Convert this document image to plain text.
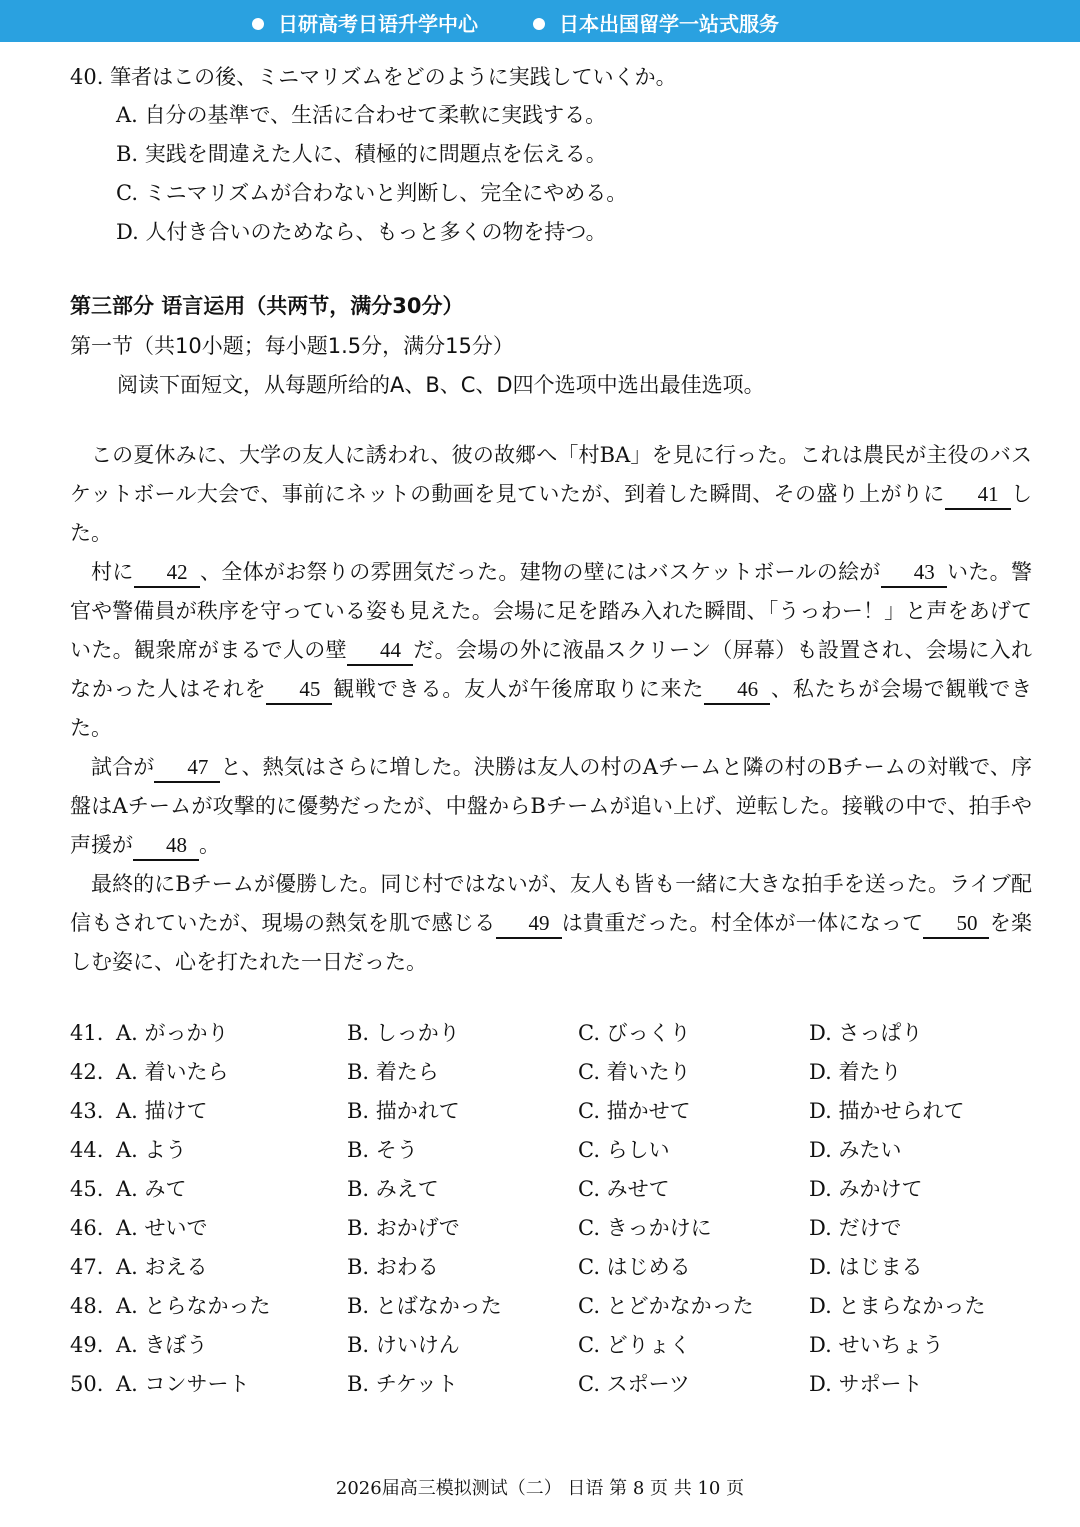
日研高考日语升学中心	日本出国留学一站式服务
40. 筆者はこの後、ミニマリズムをどのように実践していくか。
A. 自分の基準で、生活に合わせて柔軟に実践する。
B. 実践を間違えた人に、積極的に問題点を伝える。
C. ミニマリズムが合わないと判断し、完全にやめる。
D. 人付き合いのためなら、もっと多くの物を持つ。
第三部分 语言运用（共两节，满分30分）
第一节（共10小题；每小题1.5分，满分15分）
阅读下面短文，从每题所给的A、B、C、D四个选项中选出最佳选项。

この夏休みに、大学の友人に誘われ、彼の故郷へ「村BA」を見に行った。これは農民が主役のバスケットボール大会で、事前にネットの動画を見ていたが、到着した瞬間、その盛り上がりに 41 した。

村に 42 、全体がお祭りの雰囲気だった。建物の壁にはバスケットボールの絵が 43 いた。警官や警備員が秩序を守っている姿も見えた。会場に足を踏み入れた瞬間、「うっわー！」と声をあげていた。観衆席がまるで人の壁 44 だ。会場の外に液晶スクリーン（屏幕）も設置され、会場に入れなかった人はそれを 45 観戦できる。友人が午後席取りに来た 46 、私たちが会場で観戦できた。

試合が 47 と、熱気はさらに増した。決勝は友人の村のAチームと隣の村のBチームの対戦で、序盤はAチームが攻撃的に優勢だったが、中盤からBチームが追い上げ、逆転した。接戦の中で、拍手や声援が 48 。

最終的にBチームが優勝した。同じ村ではないが、友人も皆も一緒に大きな拍手を送った。ライブ配信もされていたが、現場の熱気を肌で感じる 49 は貴重だった。村全体が一体になって 50 を楽しむ姿に、心を打たれた一日だった。

41. A. がっかり	B. しっかり	C. びっくり	D. さっぱり
42. A. 着いたら	B. 着たら	C. 着いたり	D. 着たり
43. A. 描けて	B. 描かれて	C. 描かせて	D. 描かせられて
44. A. よう	B. そう	C. らしい	D. みたい
45. A. みて	B. みえて	C. みせて	D. みかけて
46. A. せいで	B. おかげで	C. きっかけに	D. だけで
47. A. おえる	B. おわる	C. はじめる	D. はじまる
48. A. とらなかった	B. とばなかった	C. とどかなかった	D. とまらなかった
49. A. きぼう	B. けいけん	C. どりょく	D. せいちょう
50. A. コンサート	B. チケット	C. スポーツ	D. サポート
2026届高三模拟测试（二） 日语 第 8 页 共 10 页
